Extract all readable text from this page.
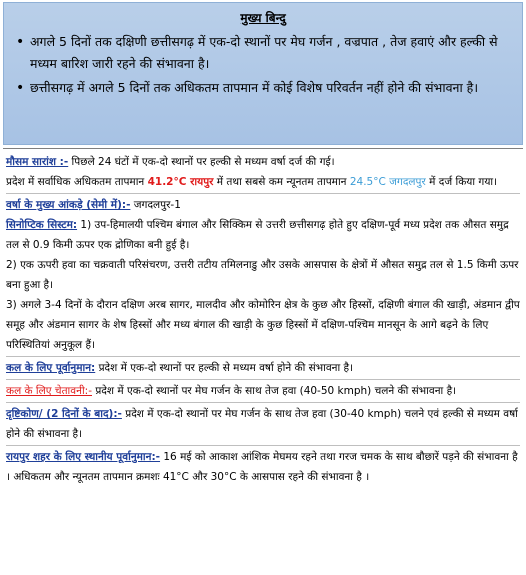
मुख्य बिन्दु
• अगले 5 दिनों तक दक्षिणी छत्तीसगढ़ में एक-दो स्थानों पर मेघ गर्जन , वज्रपात , तेज हवाएं और हल्की से मध्यम बारिश जारी रहने की संभावना है।
• छत्तीसगढ़ में अगले 5 दिनों तक अधिकतम तापमान में कोई विशेष परिवर्तन नहीं होने की संभावना है।

मौसम सारांश :- पिछले 24 घंटों में एक-दो स्थानों पर हल्की से मध्यम वर्षा दर्ज की गई।

प्रदेश में सर्वाधिक अधिकतम तापमान 41.2°C रायपुर में तथा सबसे कम न्यूनतम तापमान 24.5°C जगदलपुर में दर्ज किया गया।

वर्षा के मुख्य आंकड़े (सेमी में):- जगदलपुर-1

सिनोप्टिक सिस्टम: 1) उप-हिमालयी पश्चिम बंगाल और सिक्किम से उत्तरी छत्तीसगढ़ होते हुए दक्षिण-पूर्व मध्य प्रदेश तक औसत समुद्र तल से 0.9 किमी ऊपर एक द्रोणिका बनी हुई है।

2) एक ऊपरी हवा का चक्रवाती परिसंचरण, उत्तरी तटीय तमिलनाडु और उसके आसपास के क्षेत्रों में औसत समुद्र तल से 1.5 किमी ऊपर बना हुआ है।

3) अगले 3-4 दिनों के दौरान दक्षिण अरब सागर, मालदीव और कोमोरिन क्षेत्र के कुछ और हिस्सों, दक्षिणी बंगाल की खाड़ी, अंडमान द्वीप समूह और अंडमान सागर के शेष हिस्सों और मध्य बंगाल की खाड़ी के कुछ हिस्सों में दक्षिण-पश्चिम मानसून के आगे बढ़ने के लिए परिस्थितियां अनुकूल हैं।

कल के लिए पूर्वानुमान: प्रदेश में एक-दो स्थानों पर हल्की से मध्यम वर्षा होने की संभावना है।

कल के लिए चेतावनी:- प्रदेश में एक-दो स्थानों पर मेघ गर्जन के साथ तेज हवा (40-50 kmph) चलने की संभावना है।

दृष्टिकोण/ (2 दिनों के बाद):- प्रदेश में एक-दो स्थानों पर मेघ गर्जन के साथ तेज हवा (30-40 kmph) चलने एवं हल्की से मध्यम वर्षा होने की संभावना है।

रायपुर शहर के लिए स्थानीय पूर्वानुमान:- 16 मई को आकाश आंशिक मेघमय रहने तथा गरज चमक के साथ बौछारें पड़ने की संभावना है । अधिकतम और न्यूनतम तापमान क्रमशः 41°C और 30°C के आसपास रहने की संभावना है ।
